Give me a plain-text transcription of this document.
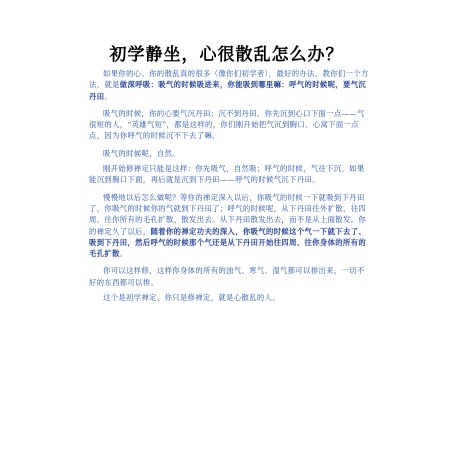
初学静坐，心很散乱怎么办？

如果你的心、你的散乱真的很多（像你们初学者），最好的办法，教你们一个方法，就是做深呼吸：吸气的时候吸进来，你能吸到哪里嘛：呼气的时候呢，要气沉丹田。

吸气的时候，你的心要气沉丹田；沉不到丹田，你先沉到心口下面一点——气很短的人，“英雄气短”，都是这样的，你们刚开始把气沉到胸口、心窝下面一点点，因为你呼气的时候沉不下去了嘛。

吸气的时候呢，自然。

刚开始修禅定只能是这样：你先吸气，自然吸；呼气的时候，气往下沉，如果能沉到胸口下面，再后就是沉到下丹田——呼气的时候气沉下丹田。

慢慢地以后怎么做呢？等你的禅定深入以后，你吸气的时候一下就吸到下丹田了，你吸气的时候你的气就到下丹田了；呼气的时候呢，从下丹田往外扩散，往四周、往你所有的毛孔扩散、散发出去。从下丹田散发出去，而不是从上面散发。你的禅定久了以后，随着你的禅定功夫的深入，你吸气的时候这个气一下就下去了、吸到下丹田，然后呼气的时候那个气还是从下丹田开始往四周、往你身体的所有的毛孔扩散。

你可以这样修，这样你身体的所有的浊气、寒气、湿气都可以排出来，一切不好的东西都可以排。

这个是初学禅定，你只是修禅定，就是心散乱的人。
